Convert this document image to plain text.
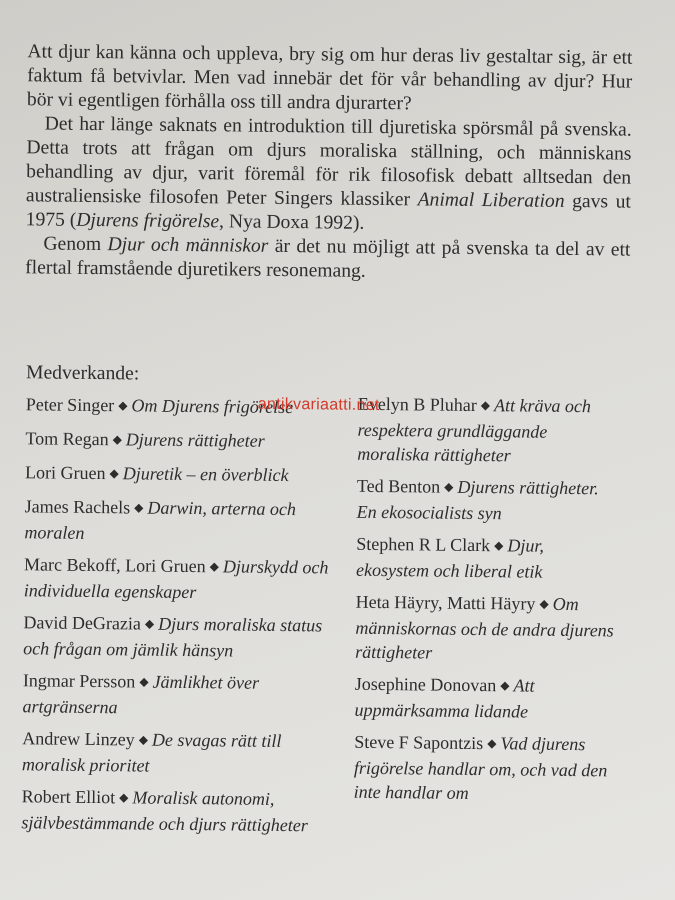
Att djur kan känna och uppleva, bry sig om hur deras liv gestaltar sig, är ett faktum få betvivlar. Men vad innebär det för vår behandling av djur? Hur bör vi egentligen förhålla oss till andra djurarter?

Det har länge saknats en introduktion till djuretiska spörsmål på svenska. Detta trots att frågan om djurs moraliska ställning, och människans behandling av djur, varit föremål för rik filosofisk debatt alltsedan den australiensiske filosofen Peter Singers klassiker Animal Liberation gavs ut 1975 (Djurens frigörelse, Nya Doxa 1992).

Genom Djur och människor är det nu möjligt att på svenska ta del av ett flertal framstående djuretikers resonemang.

Medverkande:
Peter Singer ◆ Om Djurens frigörelse
Tom Regan ◆ Djurens rättigheter
Lori Gruen ◆ Djuretik – en överblick
James Rachels ◆ Darwin, arterna och moralen
Marc Bekoff, Lori Gruen ◆ Djurskydd och individuella egenskaper
David DeGrazia ◆ Djurs moraliska status och frågan om jämlik hänsyn
Ingmar Persson ◆ Jämlikhet över artgränserna
Andrew Linzey ◆ De svagas rätt till moralisk prioritet
Robert Elliot ◆ Moralisk autonomi, självbestämmande och djurs rättigheter
Evelyn B Pluhar ◆ Att kräva och respektera grundläggande moraliska rättigheter
Ted Benton ◆ Djurens rättigheter. En ekosocialists syn
Stephen R L Clark ◆ Djur, ekosystem och liberal etik
Heta Häyry, Matti Häyry ◆ Om människornas och de andra djurens rättigheter
Josephine Donovan ◆ Att uppmärksamma lidande
Steve F Sapontzis ◆ Vad djurens frigörelse handlar om, och vad den inte handlar om
antikvariaatti.net
